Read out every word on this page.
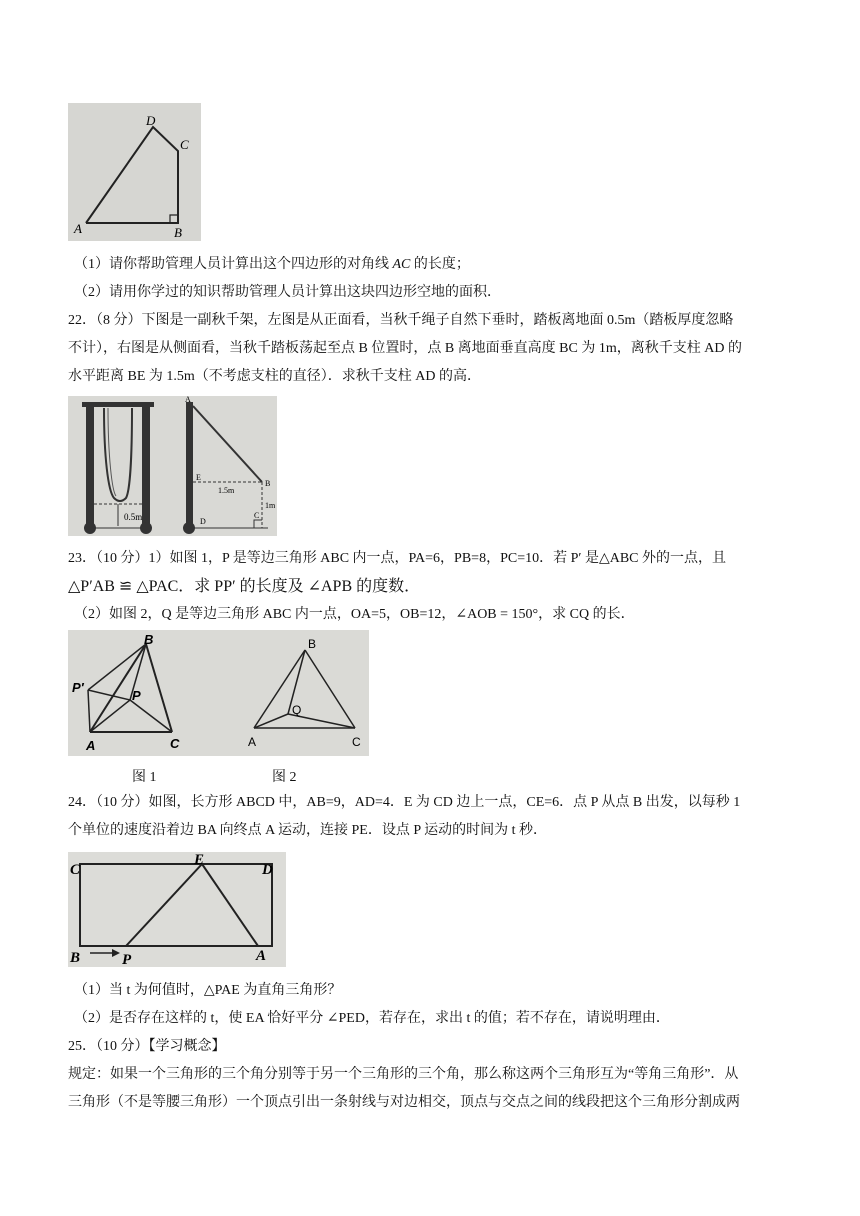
D
C
A	B
（1）请你帮助管理人员计算出这个四边形的对角线 AC 的长度；
（2）请用你学过的知识帮助管理人员计算出这块四边形空地的面积．
22．（8 分）下图是一副秋千架，左图是从正面看，当秋千绳子自然下垂时，踏板离地面 0.5m（踏板厚度忽略
不计），右图是从侧面看，当秋千踏板荡起至点 B 位置时，点 B 离地面垂直高度 BC 为 1m，离秋千支柱 AD 的
水平距离 BE 为 1.5m（不考虑支柱的直径）．求秋千支柱 AD 的高．
0.5m
A
E
B
D
C
1.5m
1m
23．（10 分）1）如图 1，P 是等边三角形 ABC 内一点，PA=6，PB=8，PC=10．若 P′ 是△ABC 外的一点，且
△P′AB ≌ △PAC．求 PP′ 的长度及 ∠APB 的度数．
（2）如图 2，Q 是等边三角形 ABC 内一点，OA=5，OB=12，∠AOB = 150°，求 CQ 的长．
B
P′
P
A	C
B
Q
A	C
图 1	图 2
24．（10 分）如图，长方形 ABCD 中，AB=9，AD=4．E 为 CD 边上一点，CE=6．点 P 从点 B 出发，以每秒 1
个单位的速度沿着边 BA 向终点 A 运动，连接 PE．设点 P 运动的时间为 t 秒．
C
E
D
B	P	A
（1）当 t 为何值时，△PAE 为直角三角形？
（2）是否存在这样的 t，使 EA 恰好平分 ∠PED，若存在，求出 t 的值；若不存在，请说明理由．
25．（10 分）【学习概念】
规定：如果一个三角形的三个角分别等于另一个三角形的三个角，那么称这两个三角形互为“等角三角形”．从
三角形（不是等腰三角形）一个顶点引出一条射线与对边相交，顶点与交点之间的线段把这个三角形分割成两
